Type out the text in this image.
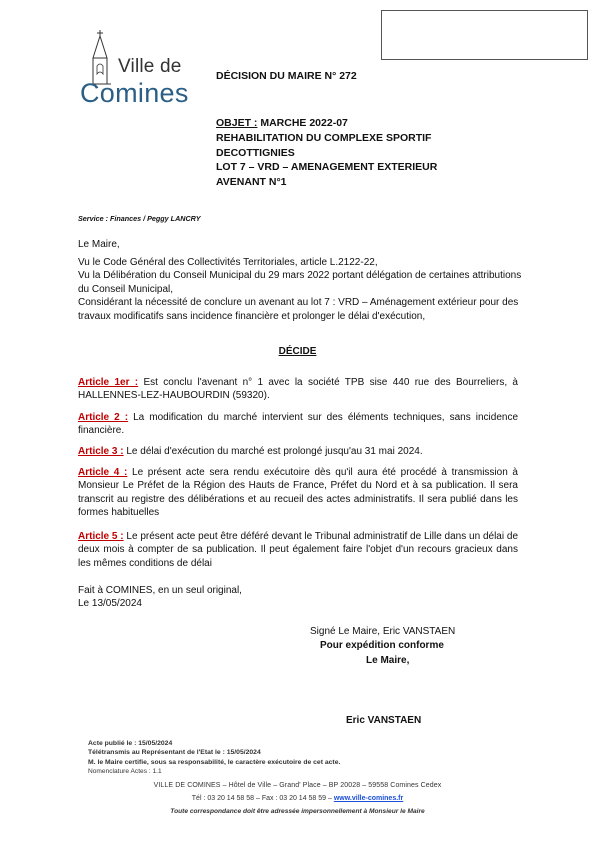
Ville de
Comines
DÉCISION DU MAIRE N° 272
OBJET : MARCHE 2022-07
REHABILITATION DU COMPLEXE SPORTIF
DECOTTIGNIES
LOT 7 – VRD – AMENAGEMENT EXTERIEUR
AVENANT N°1
Service : Finances / Peggy LANCRY
Le Maire,
Vu le Code Général des Collectivités Territoriales, article L.2122-22,
Vu la Délibération du Conseil Municipal du 29 mars 2022 portant délégation de certaines attributions du Conseil Municipal,
Considérant la nécessité de conclure un avenant au lot 7 : VRD – Aménagement extérieur pour des travaux modificatifs sans incidence financière et prolonger le délai d'exécution,
DÉCIDE
Article 1er : Est conclu l'avenant n° 1 avec la société TPB sise 440 rue des Bourreliers, à HALLENNES-LEZ-HAUBOURDIN (59320).
Article 2 : La modification du marché intervient sur des éléments techniques, sans incidence financière.
Article 3 : Le délai d'exécution du marché est prolongé jusqu'au 31 mai 2024.
Article 4 : Le présent acte sera rendu exécutoire dès qu'il aura été procédé à transmission à Monsieur Le Préfet de la Région des Hauts de France, Préfet du Nord et à sa publication. Il sera transcrit au registre des délibérations et au recueil des actes administratifs. Il sera publié dans les formes habituelles
Article 5 : Le présent acte peut être déféré devant le Tribunal administratif de Lille dans un délai de deux mois à compter de sa publication. Il peut également faire l'objet d'un recours gracieux dans les mêmes conditions de délai
Fait à COMINES, en un seul original,
Le 13/05/2024
Signé Le Maire, Eric VANSTAEN
Pour expédition conforme
Le Maire,
Eric VANSTAEN
Acte publié le : 15/05/2024
Télétransmis au Représentant de l'Etat le : 15/05/2024
M. le Maire certifie, sous sa responsabilité, le caractère exécutoire de cet acte.
Nomenclature Actes : 1.1
VILLE DE COMINES – Hôtel de Ville – Grand' Place – BP 20028 – 59558 Comines Cedex
Tél : 03 20 14 58 58 – Fax : 03 20 14 58 59 – www.ville-comines.fr
Toute correspondance doit être adressée impersonnellement à Monsieur le Maire
